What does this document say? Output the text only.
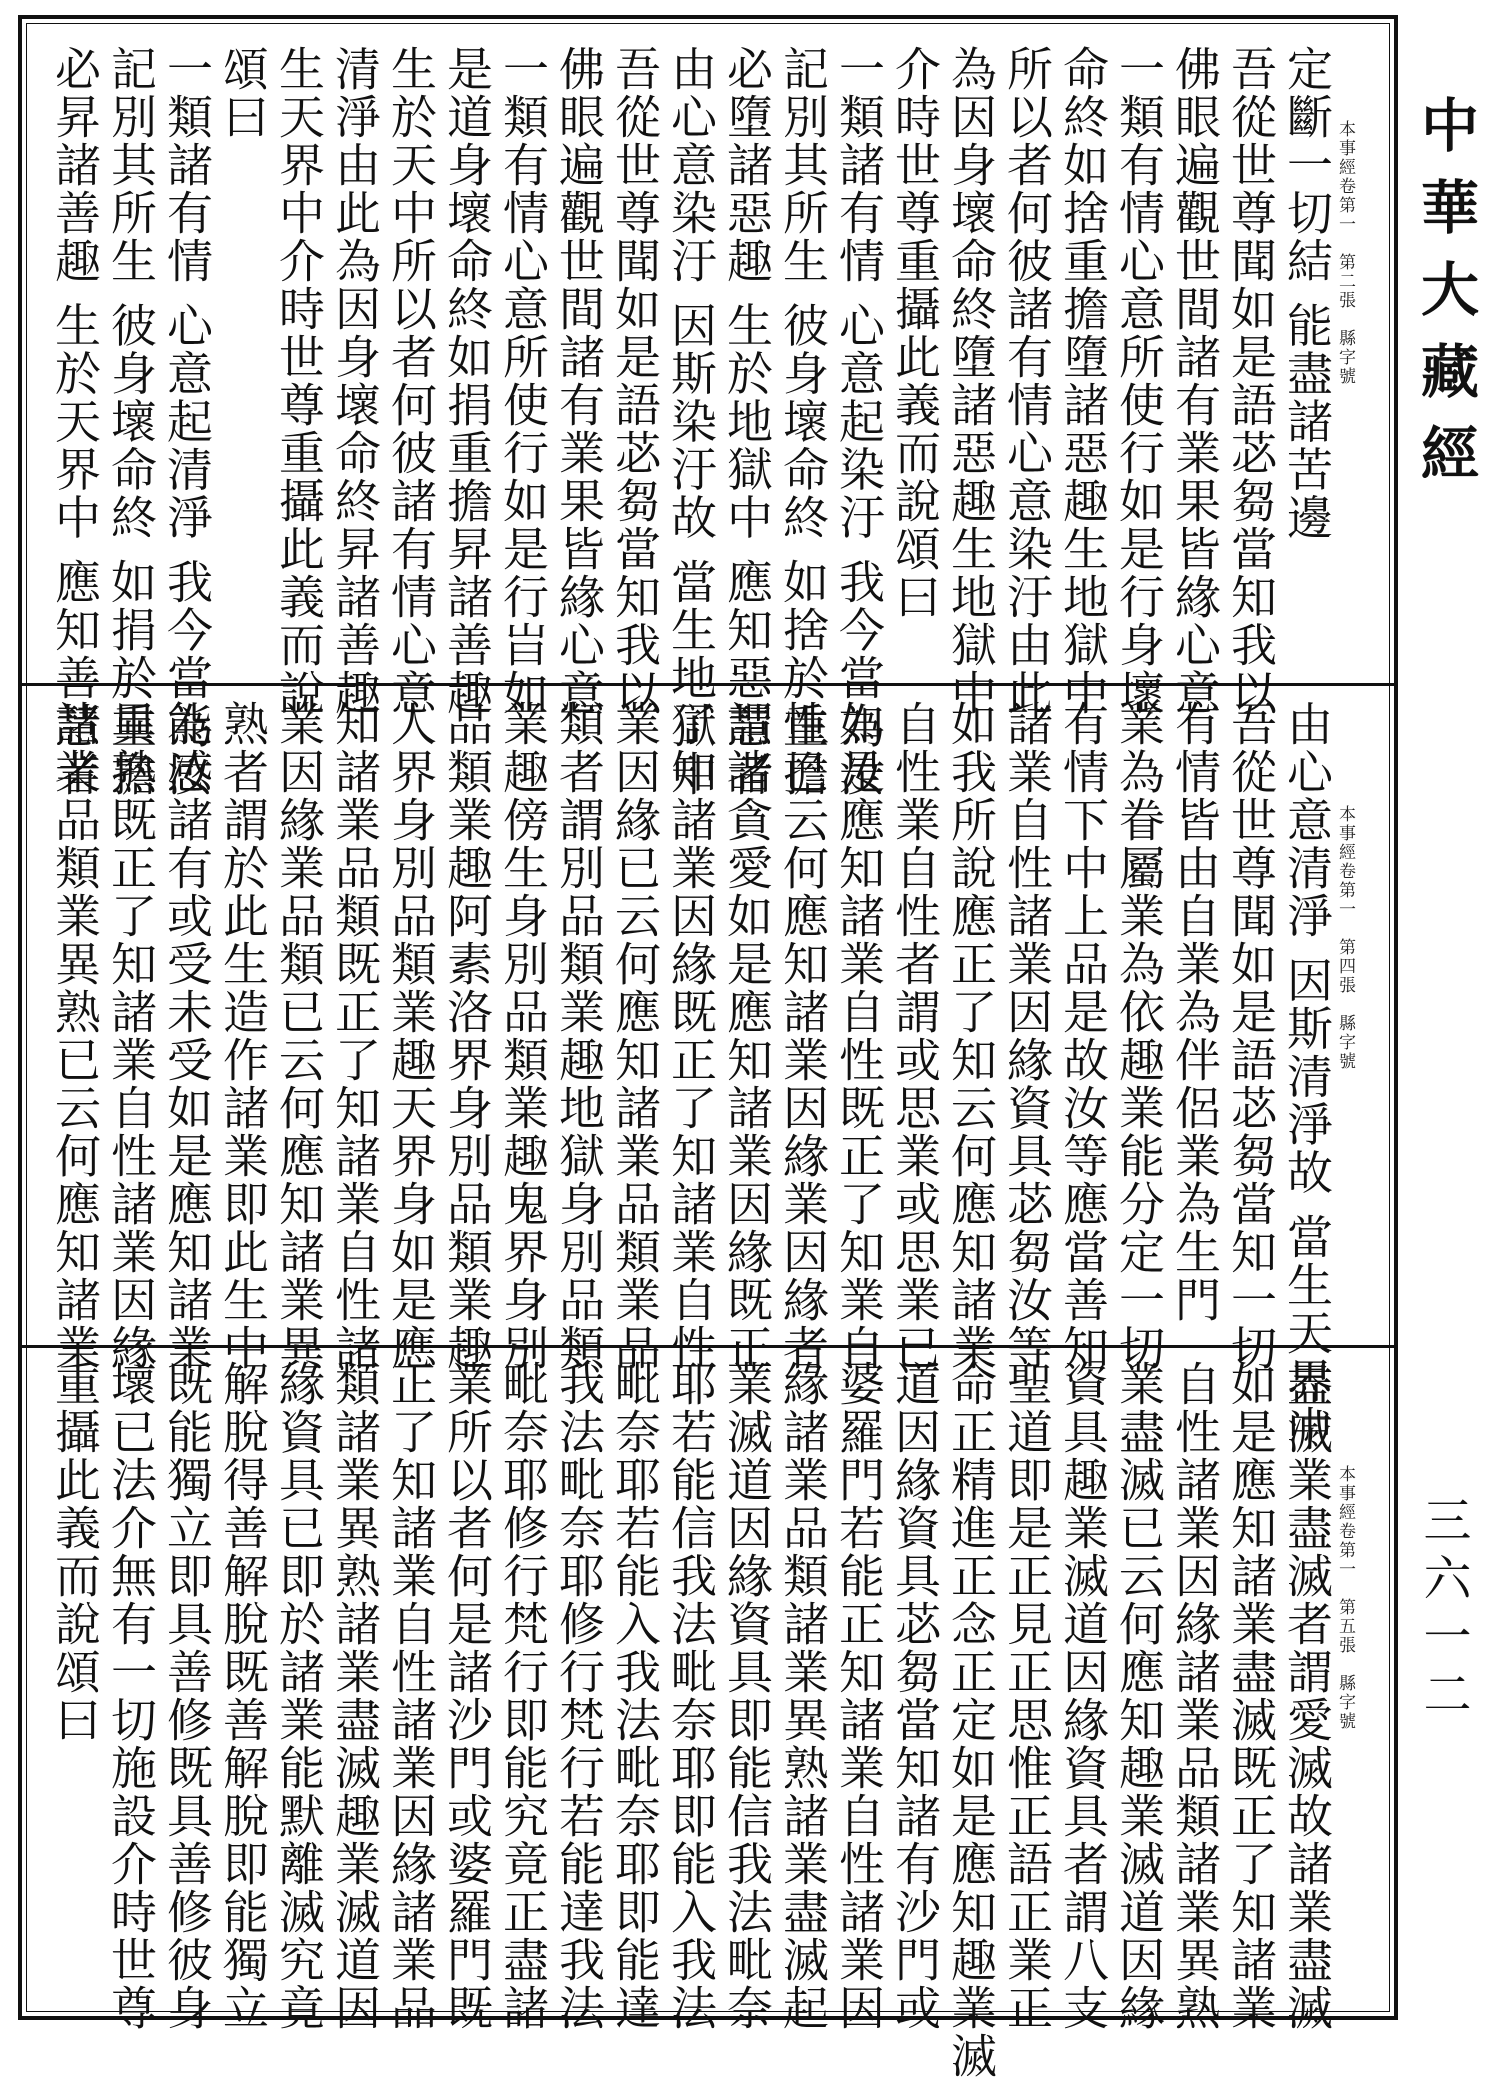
定斷一切結 能盡諸苦邊
吾從世尊聞如是語苾芻當知我以
佛眼遍觀世間諸有業果皆緣心意
一類有情心意所使行如是行身壞
命終如捨重擔墮諸惡趣生地獄中
所以者何彼諸有情心意染汙由此
為因身壞命終墮諸惡趣生地獄中
介時世尊重攝此義而說頌曰
一類諸有情 心意起染汙 我今當為汝
記別其所生 彼身壞命終 如捨於重擔
必墮諸惡趣 生於地獄中 應知惡慧者
由心意染汙 因斯染汙故 當生地獄中
吾從世尊聞如是語苾芻當知我以
佛眼遍觀世間諸有業果皆緣心意
一類有情心意所使行如是行㞱如
是道身壞命終如捐重擔昇諸善趣
生於天中所以者何彼諸有情心意
清淨由此為因身壞命終昇諸善趣
生天界中介時世尊重攝此義而說
頌曰
一類諸有情 心意起清淨 我今當為汝
記別其所生 彼身壞命終 如捐於重擔
必昇諸善趣 生於天界中 應知善慧者	本事經卷第一　第二張　縣字號
由心意清淨 因斯清淨故 當生天界中
吾從世尊聞如是語苾芻當知一切
有情皆由自業為伴侶業為生門
業為眷屬業為依趣業能分定一切
有情下中上品是故汝等應當善知
諸業自性諸業因緣資具苾芻汝等
如我所說應正了知云何應知諸業
自性業自性者謂或思業或思業已
如是應知諸業自性既正了知業自
性已云何應知諸業因緣業因緣者
謂諸貪愛如是應知諸業因緣既正
了知諸業因緣既正了知諸業自性
業因緣已云何應知諸業品類業品
類者謂別品類業趣地獄身別品類
業趣傍生身別品類業趣鬼界身別
品類業趣阿素洛界身別品類業趣
人界身別品類業趣天界身如是應
知諸業品類既正了知諸業自性諸
業因緣業品類已云何應知諸業異
熟者謂於此生造作諸業即此生中
能感諸有或受未受如是應知諸業
異熟既正了知諸業自性諸業因緣
諸業品類業異熟已云何應知諸業	本事經卷第一　第四張　縣字號
盡滅業盡滅者謂愛滅故諸業盡滅
如是應知諸業盡滅既正了知諸業
自性諸業因緣諸業品類諸業異熟
業盡滅已云何應知趣業滅道因緣
資具趣業滅道因緣資具者謂八支
聖道即是正見正思惟正語正業正
命正精進正念正定如是應知趣業滅
道因緣資具苾芻當知諸有沙門或
婆羅門若能正知諸業自性諸業因
緣諸業品類諸業異熟諸業盡滅起
業滅道因緣資具即能信我法毗奈
耶若能信我法毗奈耶即能入我法
毗奈耶若能入我法毗奈耶即能達
我法毗奈耶修行梵行若能達我法
毗奈耶修行梵行即能究竟正盡諸
業所以者何是諸沙門或婆羅門既
正了知諸業自性諸業因緣諸業品
類諸業異熟諸業盡滅趣業滅道因
緣資具已即於諸業能默離滅究竟
解脫得善解脫既善解脫即能獨立
既能獨立即具善修既具善修彼身
壞已法介無有一切施設介時世尊
重攝此義而說頌曰	本事經卷第一　第五張　縣字號
中華大藏經
三六一二
